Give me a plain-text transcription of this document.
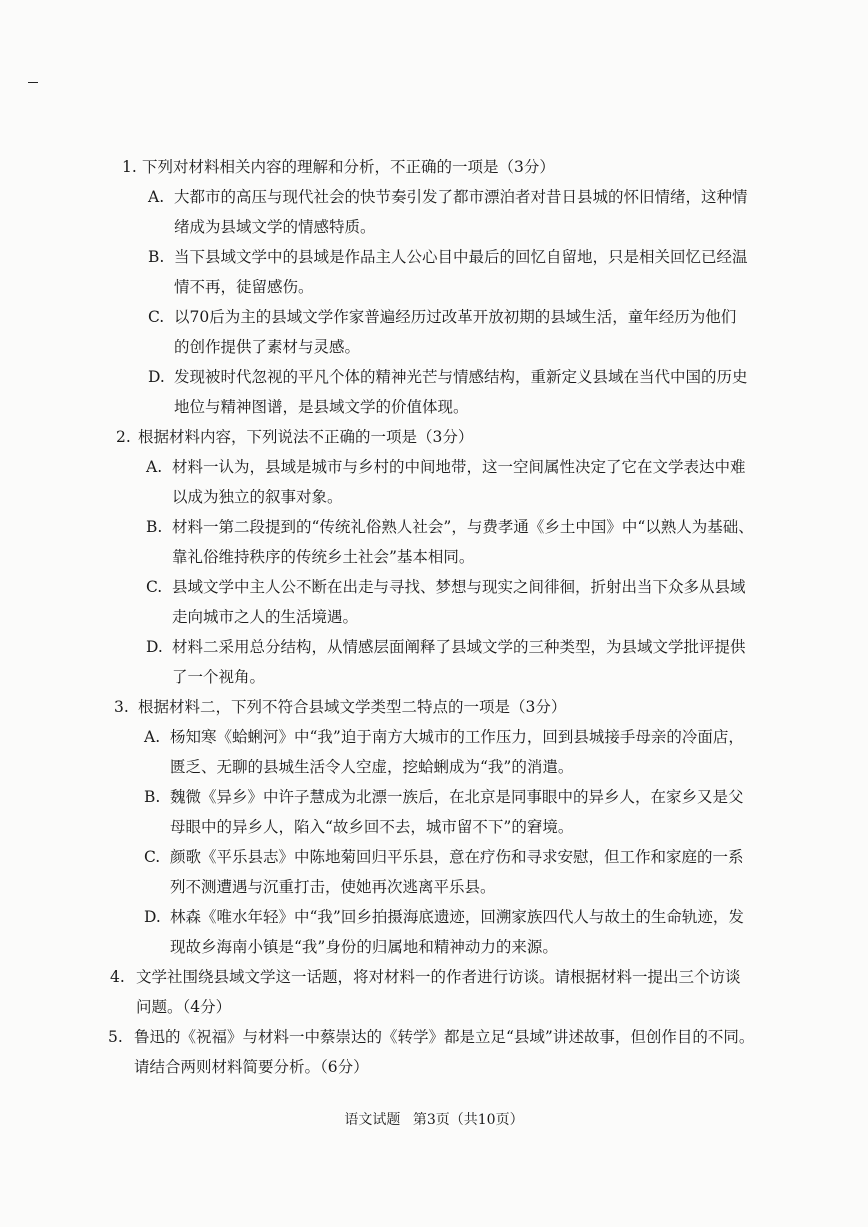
1. 下列对材料相关内容的理解和分析，不正确的一项是（3分）
A. 大都市的高压与现代社会的快节奏引发了都市漂泊者对昔日县城的怀旧情绪，这种情
绪成为县域文学的情感特质。
B. 当下县域文学中的县域是作品主人公心目中最后的回忆自留地，只是相关回忆已经温
情不再，徒留感伤。
C. 以70后为主的县域文学作家普遍经历过改革开放初期的县域生活，童年经历为他们
的创作提供了素材与灵感。
D. 发现被时代忽视的平凡个体的精神光芒与情感结构，重新定义县域在当代中国的历史
地位与精神图谱，是县域文学的价值体现。
2. 根据材料内容，下列说法不正确的一项是（3分）
A. 材料一认为，县域是城市与乡村的中间地带，这一空间属性决定了它在文学表达中难
以成为独立的叙事对象。
B. 材料一第二段提到的“传统礼俗熟人社会”，与费孝通《乡土中国》中“以熟人为基础、
靠礼俗维持秩序的传统乡土社会”基本相同。
C. 县域文学中主人公不断在出走与寻找、梦想与现实之间徘徊，折射出当下众多从县域
走向城市之人的生活境遇。
D. 材料二采用总分结构，从情感层面阐释了县域文学的三种类型，为县域文学批评提供
了一个视角。
3. 根据材料二，下列不符合县域文学类型二特点的一项是（3分）
A. 杨知寒《蛤蜊河》中“我”迫于南方大城市的工作压力，回到县城接手母亲的冷面店，
匮乏、无聊的县城生活令人空虚，挖蛤蜊成为“我”的消遣。
B. 魏微《异乡》中许子慧成为北漂一族后，在北京是同事眼中的异乡人，在家乡又是父
母眼中的异乡人，陷入“故乡回不去，城市留不下”的窘境。
C. 颜歌《平乐县志》中陈地菊回归平乐县，意在疗伤和寻求安慰，但工作和家庭的一系
列不测遭遇与沉重打击，使她再次逃离平乐县。
D. 林森《唯水年轻》中“我”回乡拍摄海底遗迹，回溯家族四代人与故土的生命轨迹，发
现故乡海南小镇是“我”身份的归属地和精神动力的来源。
4. 文学社围绕县域文学这一话题，将对材料一的作者进行访谈。请根据材料一提出三个访谈
问题。（4分）
5. 鲁迅的《祝福》与材料一中蔡崇达的《转学》都是立足“县域”讲述故事，但创作目的不同。
请结合两则材料简要分析。（6分）
语文试题 第3页（共10页）
